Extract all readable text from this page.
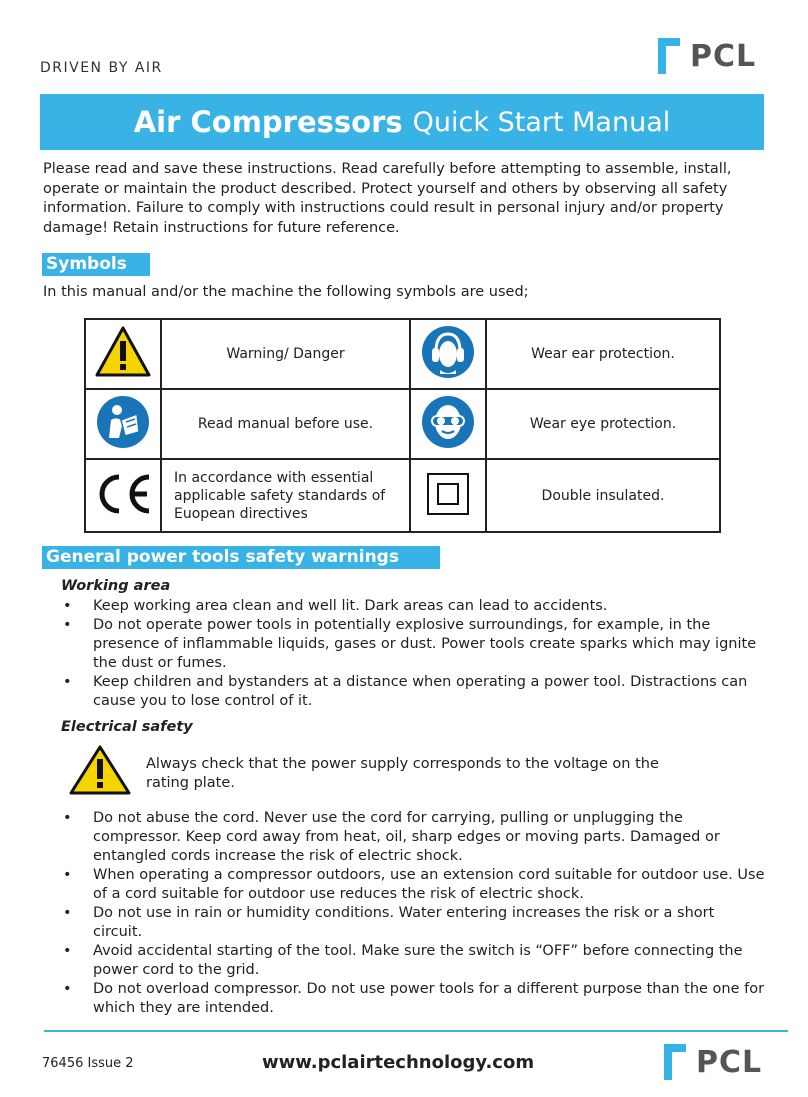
DRIVEN BY AIR	PCL
Air Compressors Quick Start Manual
Please read and save these instructions. Read carefully before attempting to assemble, install, operate or maintain the product described. Protect yourself and others by observing all safety information. Failure to comply with instructions could result in personal injury and/or property damage! Retain instructions for future reference.
Symbols
In this manual and/or the machine the following symbols are used;
	Warning/ Danger		Wear ear protection.
	Read manual before use.		Wear eye protection.
	In accordance with essential applicable safety standards of Euopean directives		Double insulated.
General power tools safety warnings
Working area
• Keep working area clean and well lit. Dark areas can lead to accidents.
• Do not operate power tools in potentially explosive surroundings, for example, in the presence of inflammable liquids, gases or dust. Power tools create sparks which may ignite the dust or fumes.
• Keep children and bystanders at a distance when operating a power tool. Distractions can cause you to lose control of it.
Electrical safety
Always check that the power supply corresponds to the voltage on the rating plate.
• Do not abuse the cord. Never use the cord for carrying, pulling or unplugging the compressor. Keep cord away from heat, oil, sharp edges or moving parts. Damaged or entangled cords increase the risk of electric shock.
• When operating a compressor outdoors, use an extension cord suitable for outdoor use. Use of a cord suitable for outdoor use reduces the risk of electric shock.
• Do not use in rain or humidity conditions. Water entering increases the risk or a short circuit.
• Avoid accidental starting of the tool. Make sure the switch is “OFF” before connecting the power cord to the grid.
• Do not overload compressor. Do not use power tools for a different purpose than the one for which they are intended.
76456 Issue 2	www.pclairtechnology.com	PCL
